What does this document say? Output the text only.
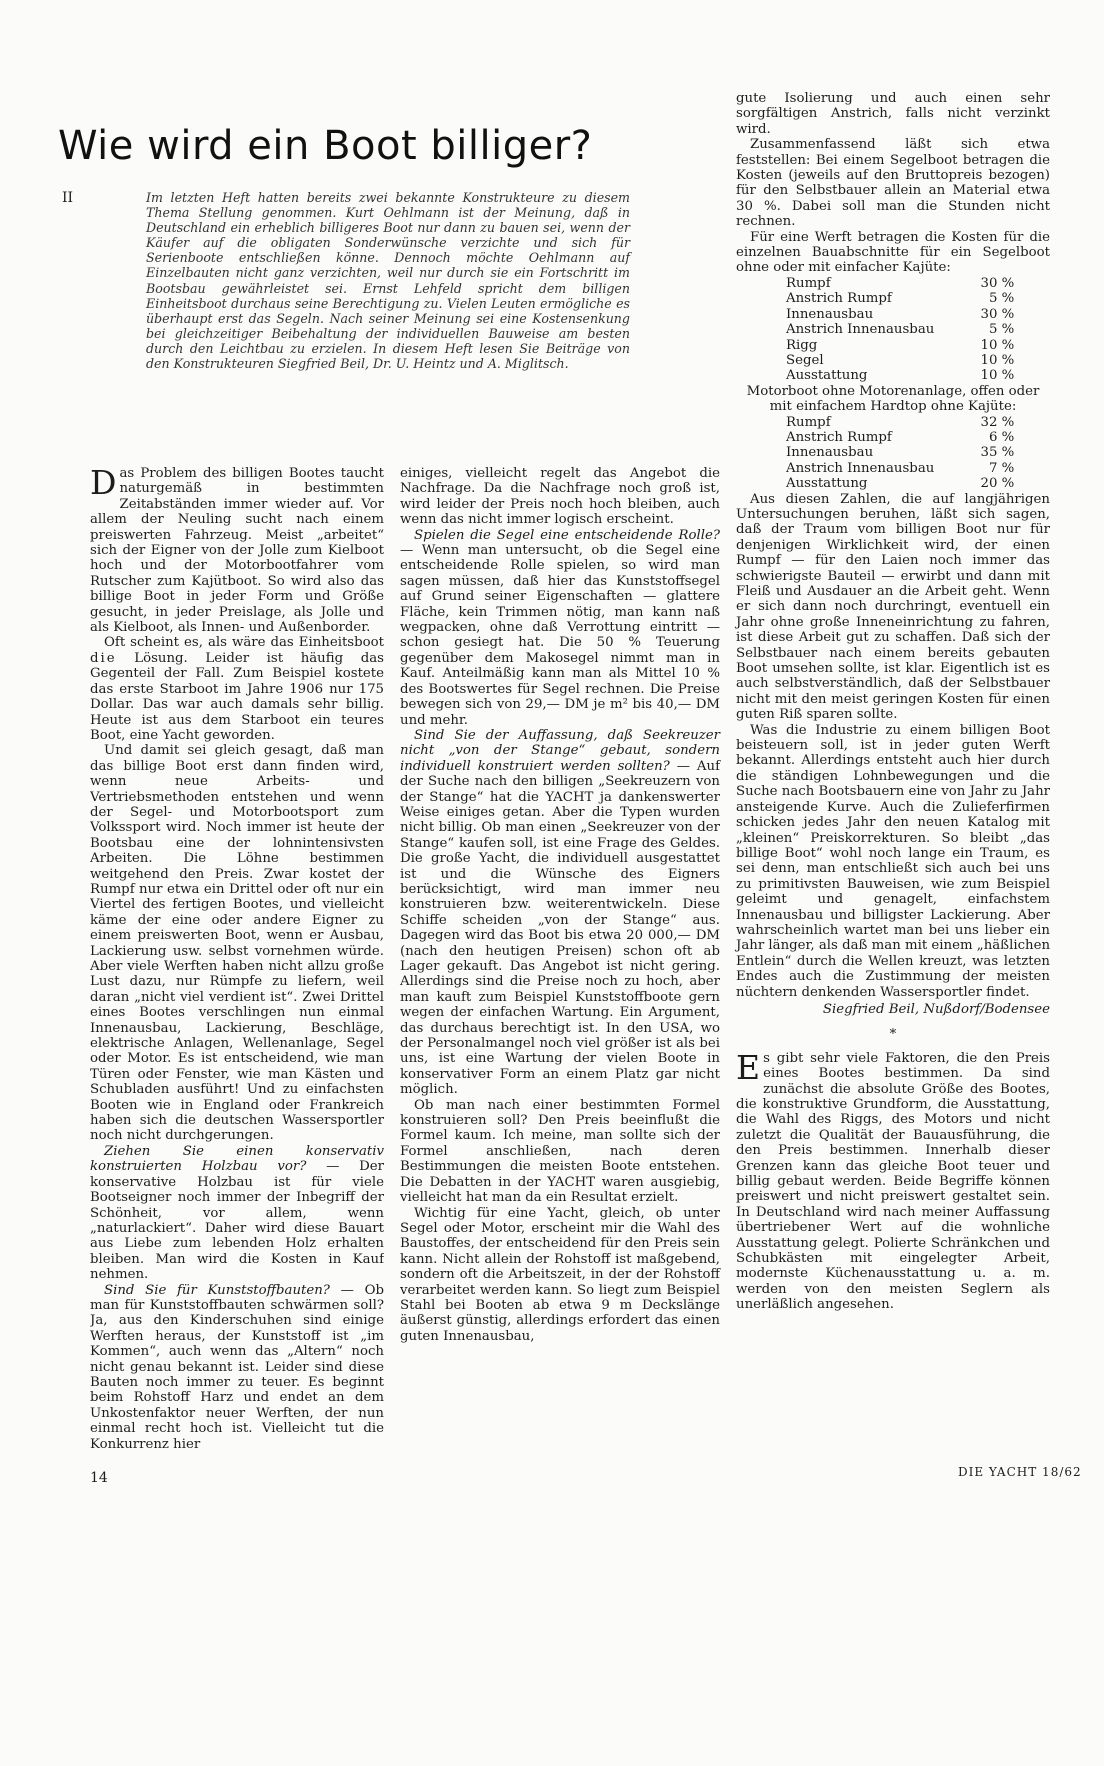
Wie wird ein Boot billiger?
II	Im letzten Heft hatten bereits zwei bekannte Konstrukteure zu diesem Thema Stellung genommen. Kurt Oehlmann ist der Meinung, daß in Deutschland ein erheblich billigeres Boot nur dann zu bauen sei, wenn der Käufer auf die obligaten Sonderwünsche verzichte und sich für Serienboote entschließen könne. Dennoch möchte Oehlmann auf Einzelbauten nicht ganz verzichten, weil nur durch sie ein Fortschritt im Bootsbau gewährleistet sei. Ernst Lehfeld spricht dem billigen Einheitsboot durchaus seine Berechtigung zu. Vielen Leuten ermögliche es überhaupt erst das Segeln. Nach seiner Meinung sei eine Kostensenkung bei gleichzeitiger Beibehaltung der individuellen Bauweise am besten durch den Leichtbau zu erzielen. In diesem Heft lesen Sie Beiträge von den Konstrukteuren Siegfried Beil, Dr. U. Heintz und A. Miglitsch.

Das Problem des billigen Bootes taucht naturgemäß in bestimmten Zeitabständen immer wieder auf. Vor allem der Neuling sucht nach einem preiswerten Fahrzeug. Meist „arbeitet“ sich der Eigner von der Jolle zum Kielboot hoch und der Motorbootfahrer vom Rutscher zum Kajütboot. So wird also das billige Boot in jeder Form und Größe gesucht, in jeder Preislage, als Jolle und als Kielboot, als Innen- und Außenborder.

Oft scheint es, als wäre das Einheitsboot die Lösung. Leider ist häufig das Gegenteil der Fall. Zum Beispiel kostete das erste Starboot im Jahre 1906 nur 175 Dollar. Das war auch damals sehr billig. Heute ist aus dem Starboot ein teures Boot, eine Yacht geworden.

Und damit sei gleich gesagt, daß man das billige Boot erst dann finden wird, wenn neue Arbeits- und Vertriebsmethoden entstehen und wenn der Segel- und Motorbootsport zum Volkssport wird. Noch immer ist heute der Bootsbau eine der lohnintensivsten Arbeiten. Die Löhne bestimmen weitgehend den Preis. Zwar kostet der Rumpf nur etwa ein Drittel oder oft nur ein Viertel des fertigen Bootes, und vielleicht käme der eine oder andere Eigner zu einem preiswerten Boot, wenn er Ausbau, Lackierung usw. selbst vornehmen würde. Aber viele Werften haben nicht allzu große Lust dazu, nur Rümpfe zu liefern, weil daran „nicht viel verdient ist“. Zwei Drittel eines Bootes verschlingen nun einmal Innenausbau, Lackierung, Beschläge, elektrische Anlagen, Wellenanlage, Segel oder Motor. Es ist entscheidend, wie man Türen oder Fenster, wie man Kästen und Schubladen ausführt! Und zu einfachsten Booten wie in England oder Frankreich haben sich die deutschen Wassersportler noch nicht durchgerungen.

Ziehen Sie einen konservativ konstruierten Holzbau vor? — Der konservative Holzbau ist für viele Bootseigner noch immer der Inbegriff der Schönheit, vor allem, wenn „naturlackiert“. Daher wird diese Bauart aus Liebe zum lebenden Holz erhalten bleiben. Man wird die Kosten in Kauf nehmen.

Sind Sie für Kunststoffbauten? — Ob man für Kunststoffbauten schwärmen soll? Ja, aus den Kinderschuhen sind einige Werften heraus, der Kunststoff ist „im Kommen“, auch wenn das „Altern“ noch nicht genau bekannt ist. Leider sind diese Bauten noch immer zu teuer. Es beginnt beim Rohstoff Harz und endet an dem Unkostenfaktor neuer Werften, der nun einmal recht hoch ist. Vielleicht tut die Konkurrenz hier

einiges, vielleicht regelt das Angebot die Nachfrage. Da die Nachfrage noch groß ist, wird leider der Preis noch hoch bleiben, auch wenn das nicht immer logisch erscheint.

Spielen die Segel eine entscheidende Rolle? — Wenn man untersucht, ob die Segel eine entscheidende Rolle spielen, so wird man sagen müssen, daß hier das Kunststoffsegel auf Grund seiner Eigenschaften — glattere Fläche, kein Trimmen nötig, man kann naß wegpacken, ohne daß Verrottung eintritt — schon gesiegt hat. Die 50 % Teuerung gegenüber dem Makosegel nimmt man in Kauf. Anteilmäßig kann man als Mittel 10 % des Bootswertes für Segel rechnen. Die Preise bewegen sich von 29,— DM je m² bis 40,— DM und mehr.

Sind Sie der Auffassung, daß Seekreuzer nicht „von der Stange“ gebaut, sondern individuell konstruiert werden sollten? — Auf der Suche nach den billigen „Seekreuzern von der Stange“ hat die YACHT ja dankenswerter Weise einiges getan. Aber die Typen wurden nicht billig. Ob man einen „Seekreuzer von der Stange“ kaufen soll, ist eine Frage des Geldes. Die große Yacht, die individuell ausgestattet ist und die Wünsche des Eigners berücksichtigt, wird man immer neu konstruieren bzw. weiterentwickeln. Diese Schiffe scheiden „von der Stange“ aus. Dagegen wird das Boot bis etwa 20 000,— DM (nach den heutigen Preisen) schon oft ab Lager gekauft. Das Angebot ist nicht gering. Allerdings sind die Preise noch zu hoch, aber man kauft zum Beispiel Kunststoffboote gern wegen der einfachen Wartung. Ein Argument, das durchaus berechtigt ist. In den USA, wo der Personalmangel noch viel größer ist als bei uns, ist eine Wartung der vielen Boote in konservativer Form an einem Platz gar nicht möglich.

Ob man nach einer bestimmten Formel konstruieren soll? Den Preis beeinflußt die Formel kaum. Ich meine, man sollte sich der Formel anschließen, nach deren Bestimmungen die meisten Boote entstehen. Die Debatten in der YACHT waren ausgiebig, vielleicht hat man da ein Resultat erzielt.

Wichtig für eine Yacht, gleich, ob unter Segel oder Motor, erscheint mir die Wahl des Baustoffes, der entscheidend für den Preis sein kann. Nicht allein der Rohstoff ist maßgebend, sondern oft die Arbeitszeit, in der der Rohstoff verarbeitet werden kann. So liegt zum Beispiel Stahl bei Booten ab etwa 9 m Deckslänge äußerst günstig, allerdings erfordert das einen guten Innenausbau,

gute Isolierung und auch einen sehr sorgfältigen Anstrich, falls nicht verzinkt wird.

Zusammenfassend läßt sich etwa feststellen: Bei einem Segelboot betragen die Kosten (jeweils auf den Bruttopreis bezogen) für den Selbstbauer allein an Material etwa 30 %. Dabei soll man die Stunden nicht rechnen.

Für eine Werft betragen die Kosten für die einzelnen Bauabschnitte für ein Segelboot ohne oder mit einfacher Kajüte:

Rumpf	30 %
Anstrich Rumpf	5 %
Innenausbau	30 %
Anstrich Innenausbau	5 %
Rigg	10 %
Segel	10 %
Ausstattung	10 %

Motorboot ohne Motorenanlage, offen oder mit einfachem Hardtop ohne Kajüte:

Rumpf	32 %
Anstrich Rumpf	6 %
Innenausbau	35 %
Anstrich Innenausbau	7 %
Ausstattung	20 %

Aus diesen Zahlen, die auf langjährigen Untersuchungen beruhen, läßt sich sagen, daß der Traum vom billigen Boot nur für denjenigen Wirklichkeit wird, der einen Rumpf — für den Laien noch immer das schwierigste Bauteil — erwirbt und dann mit Fleiß und Ausdauer an die Arbeit geht. Wenn er sich dann noch durchringt, eventuell ein Jahr ohne große Inneneinrichtung zu fahren, ist diese Arbeit gut zu schaffen. Daß sich der Selbstbauer nach einem bereits gebauten Boot umsehen sollte, ist klar. Eigentlich ist es auch selbstverständlich, daß der Selbstbauer nicht mit den meist geringen Kosten für einen guten Riß sparen sollte.

Was die Industrie zu einem billigen Boot beisteuern soll, ist in jeder guten Werft bekannt. Allerdings entsteht auch hier durch die ständigen Lohnbewegungen und die Suche nach Bootsbauern eine von Jahr zu Jahr ansteigende Kurve. Auch die Zulieferfirmen schicken jedes Jahr den neuen Katalog mit „kleinen“ Preiskorrekturen. So bleibt „das billige Boot“ wohl noch lange ein Traum, es sei denn, man entschließt sich auch bei uns zu primitivsten Bauweisen, wie zum Beispiel geleimt und genagelt, einfachstem Innenausbau und billigster Lackierung. Aber wahrscheinlich wartet man bei uns lieber ein Jahr länger, als daß man mit einem „häßlichen Entlein“ durch die Wellen kreuzt, was letzten Endes auch die Zustimmung der meisten nüchtern denkenden Wassersportler findet.

Siegfried Beil, Nußdorf/Bodensee

*

Es gibt sehr viele Faktoren, die den Preis eines Bootes bestimmen. Da sind zunächst die absolute Größe des Bootes, die konstruktive Grundform, die Ausstattung, die Wahl des Riggs, des Motors und nicht zuletzt die Qualität der Bauausführung, die den Preis bestimmen. Innerhalb dieser Grenzen kann das gleiche Boot teuer und billig gebaut werden. Beide Begriffe können preiswert und nicht preiswert gestaltet sein. In Deutschland wird nach meiner Auffassung übertriebener Wert auf die wohnliche Ausstattung gelegt. Polierte Schränkchen und Schubkästen mit eingelegter Arbeit, modernste Küchenausstattung u. a. m. werden von den meisten Seglern als unerläßlich angesehen.

14	DIE YACHT 18/62
